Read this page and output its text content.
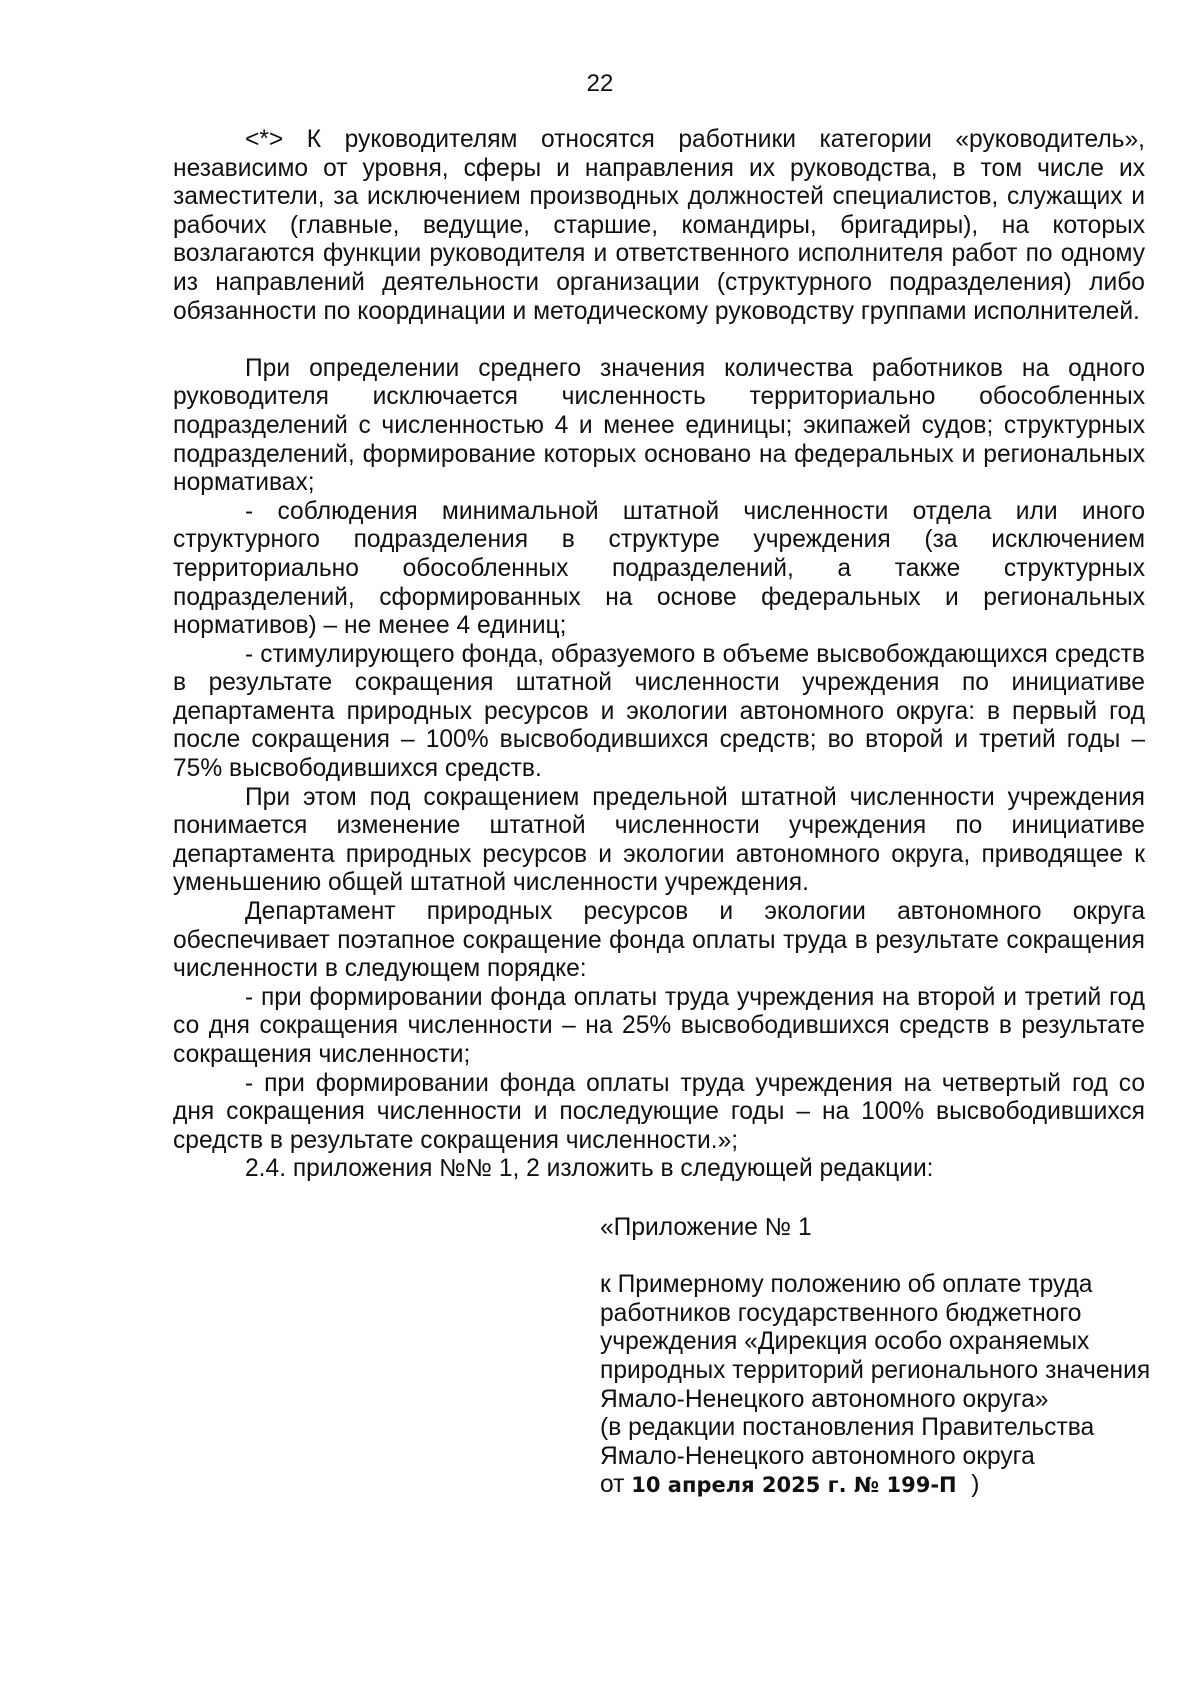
22

<*> К руководителям относятся работники категории «руководитель», независимо от уровня, сферы и направления их руководства, в том числе их заместители, за исключением производных должностей специалистов, служащих и рабочих (главные, ведущие, старшие, командиры, бригадиры), на которых возлагаются функции руководителя и ответственного исполнителя работ по одному из направлений деятельности организации (структурного подразделения) либо обязанности по координации и методическому руководству группами исполнителей.

При определении среднего значения количества работников на одного руководителя исключается численность территориально обособленных подразделений с численностью 4 и менее единицы; экипажей судов; структурных подразделений, формирование которых основано на федеральных и региональных нормативах;

- соблюдения минимальной штатной численности отдела или иного структурного подразделения в структуре учреждения (за исключением территориально обособленных подразделений, а также структурных подразделений, сформированных на основе федеральных и региональных нормативов) – не менее 4 единиц;

- стимулирующего фонда, образуемого в объеме высвобождающихся средств в результате сокращения штатной численности учреждения по инициативе департамента природных ресурсов и экологии автономного округа: в первый год после сокращения – 100% высвободившихся средств; во второй и третий годы – 75% высвободившихся средств.

При этом под сокращением предельной штатной численности учреждения понимается изменение штатной численности учреждения по инициативе департамента природных ресурсов и экологии автономного округа, приводящее к уменьшению общей штатной численности учреждения.

Департамент природных ресурсов и экологии автономного округа обеспечивает поэтапное сокращение фонда оплаты труда в результате сокращения численности в следующем порядке:

- при формировании фонда оплаты труда учреждения на второй и третий год со дня сокращения численности – на 25% высвободившихся средств в результате сокращения численности;

- при формировании фонда оплаты труда учреждения на четвертый год со дня сокращения численности и последующие годы – на 100% высвободившихся средств в результате сокращения численности.»;

2.4. приложения №№ 1, 2 изложить в следующей редакции:

«Приложение № 1

к Примерному положению об оплате труда работников государственного бюджетного учреждения «Дирекция особо охраняемых природных территорий регионального значения Ямало-Ненецкого автономного округа»

(в редакции постановления Правительства Ямало-Ненецкого автономного округа

от 10 апреля 2025 г. № 199-П )
